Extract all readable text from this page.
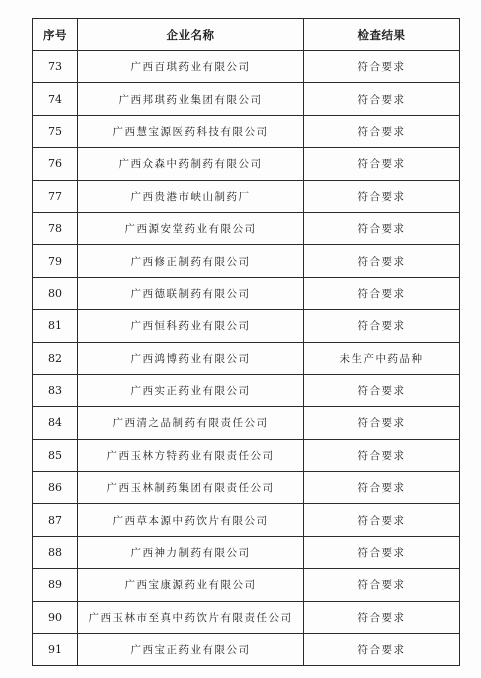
序号	企业名称	检查结果
73	广西百琪药业有限公司	符合要求
74	广西邦琪药业集团有限公司	符合要求
75	广西慧宝源医药科技有限公司	符合要求
76	广西众森中药制药有限公司	符合要求
77	广西贵港市峡山制药厂	符合要求
78	广西源安堂药业有限公司	符合要求
79	广西修正制药有限公司	符合要求
80	广西德联制药有限公司	符合要求
81	广西恒科药业有限公司	符合要求
82	广西鸿博药业有限公司	未生产中药品种
83	广西实正药业有限公司	符合要求
84	广西清之品制药有限责任公司	符合要求
85	广西玉林方特药业有限责任公司	符合要求
86	广西玉林制药集团有限责任公司	符合要求
87	广西草本源中药饮片有限公司	符合要求
88	广西神力制药有限公司	符合要求
89	广西宝康源药业有限公司	符合要求
90	广西玉林市至真中药饮片有限责任公司	符合要求
91	广西宝正药业有限公司	符合要求
